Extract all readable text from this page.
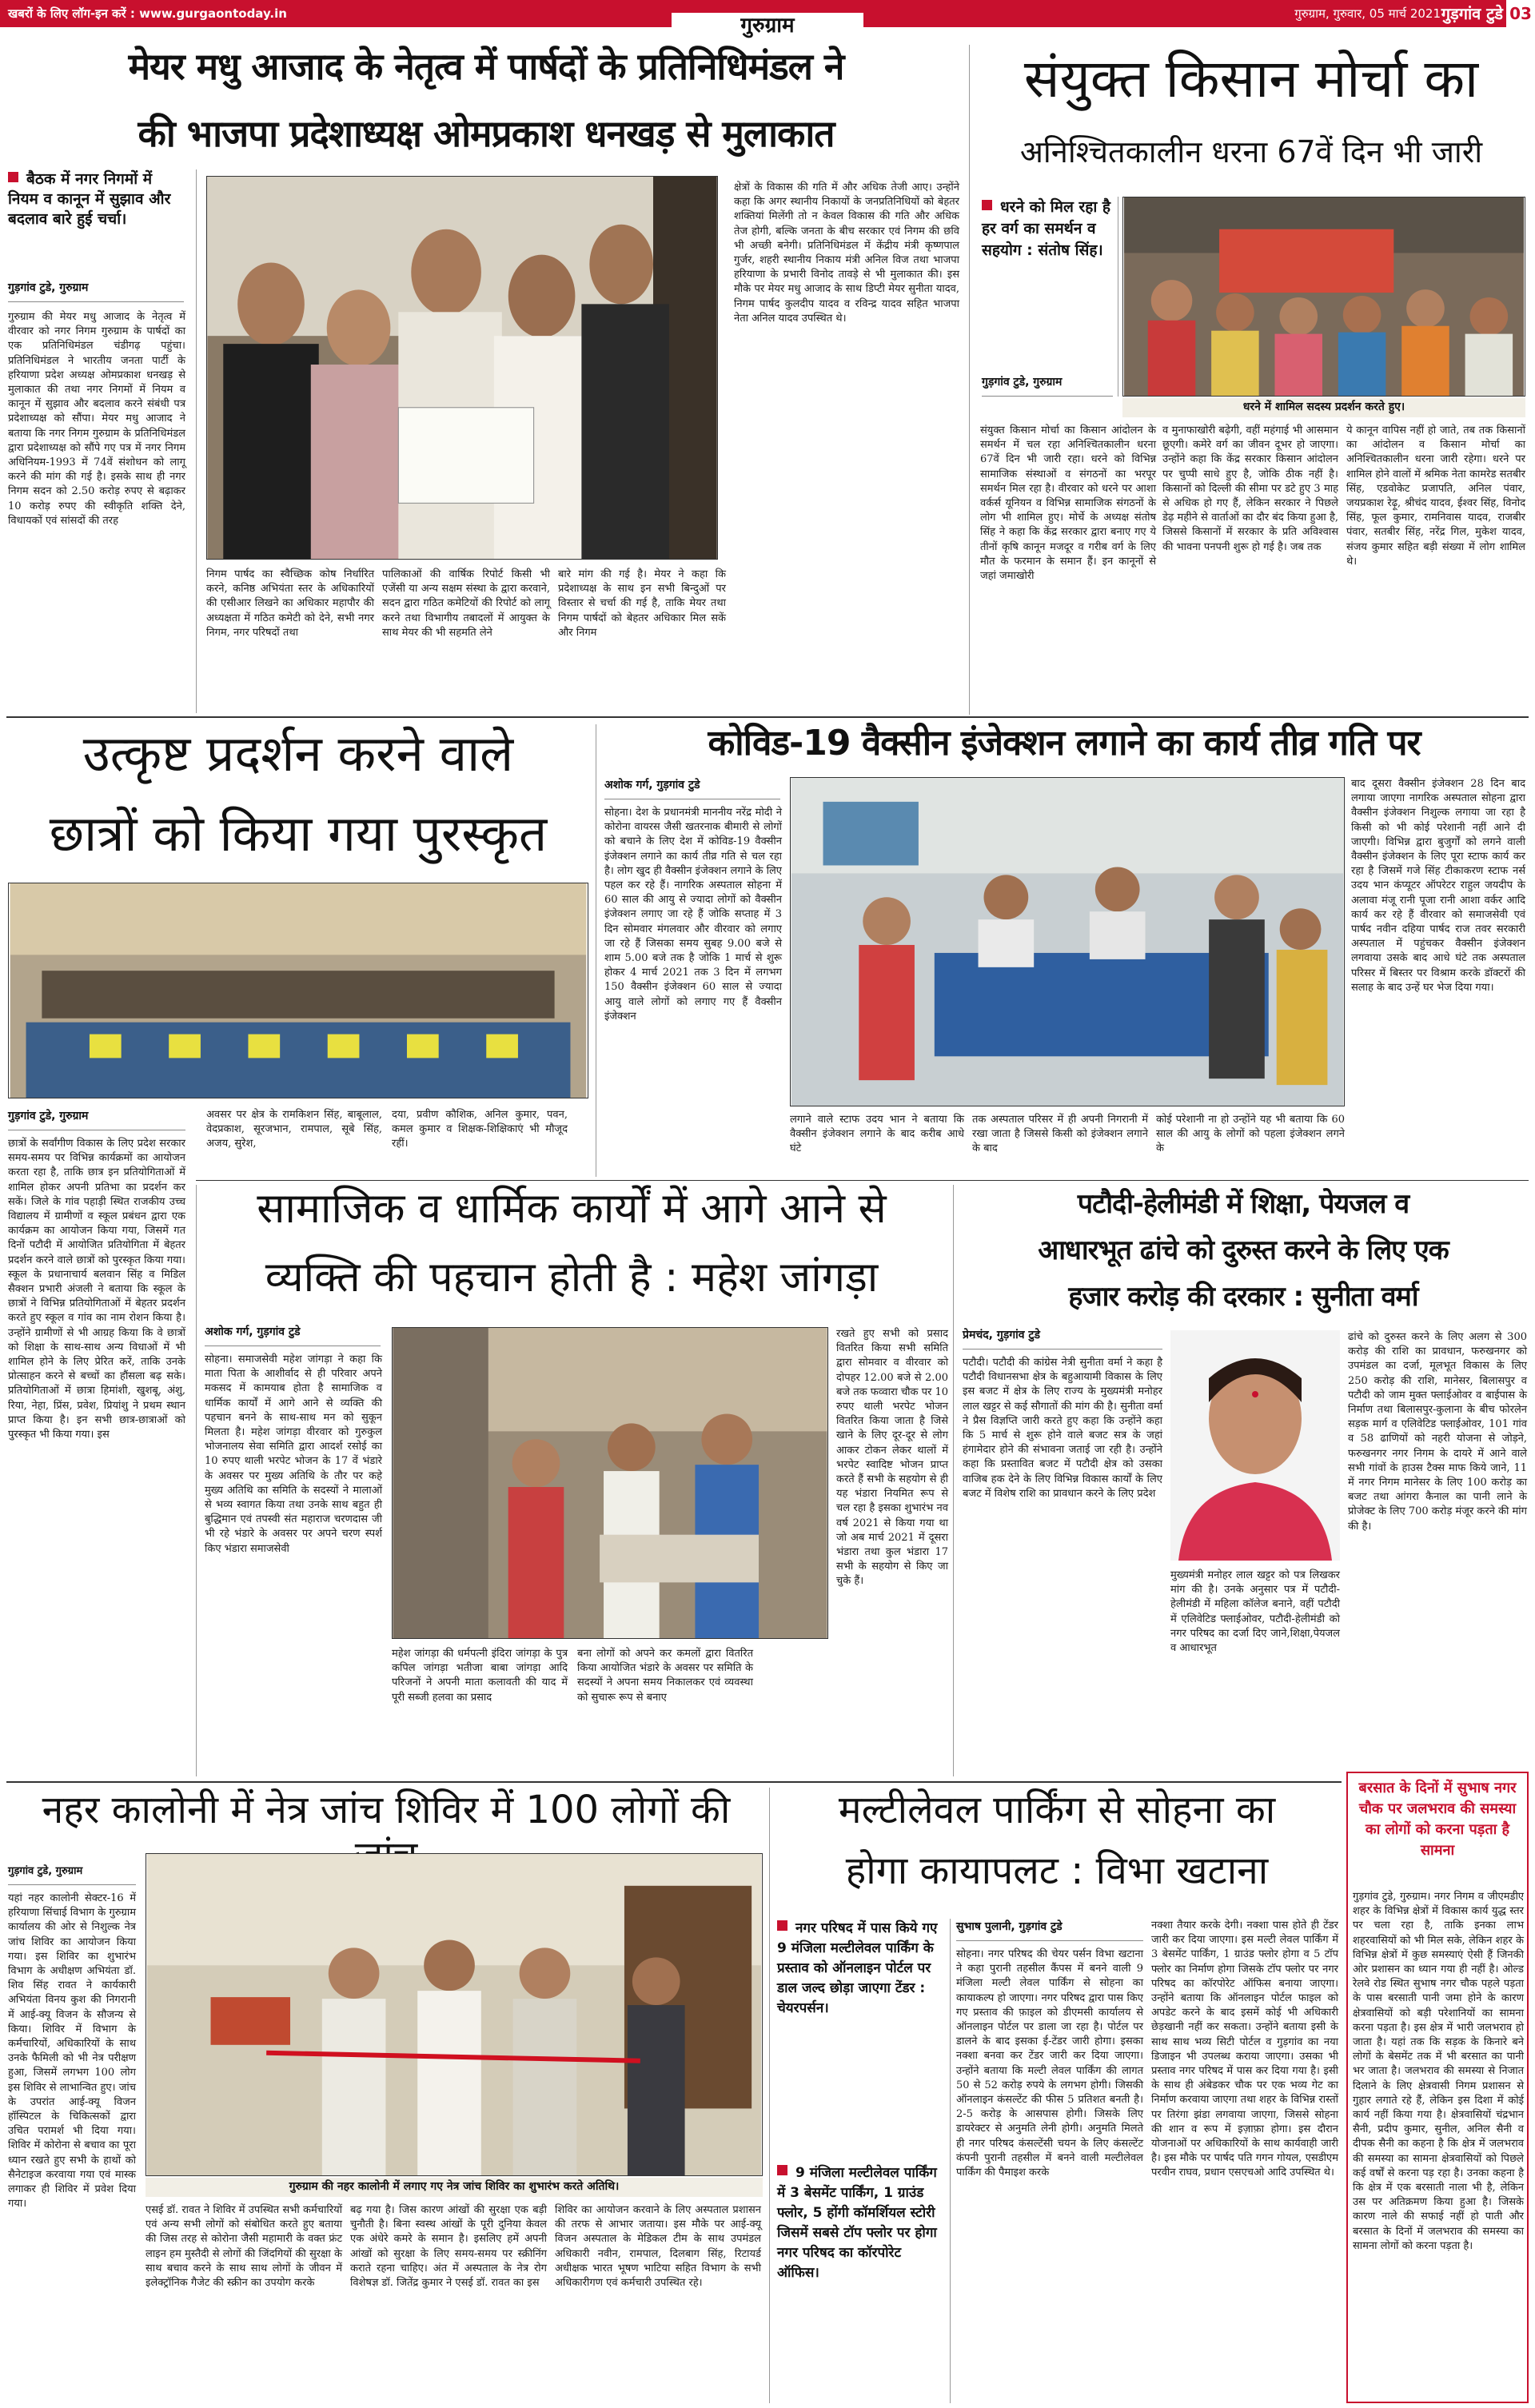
खबरों के लिए लॉग-इन करें : www.gurgaontoday.in	गुरुग्राम, गुरुवार, 05 मार्च 2021 गुड़गांव टुडे 03
गुरुग्राम
मेयर मधु आजाद के नेतृत्व में पार्षदों के प्रतिनिधिमंडल ने
की भाजपा प्रदेशाध्यक्ष ओमप्रकाश धनखड़ से मुलाकात
बैठक में नगर निगमों में नियम व कानून में सुझाव और बदलाव बारे हुई चर्चा।
गुड़गांव टुडे, गुरुग्राम
गुरुग्राम की मेयर मधु आजाद के नेतृत्व में वीरवार को नगर निगम गुरुग्राम के पार्षदों का एक प्रतिनिधिमंडल चंडीगढ़ पहुंचा। प्रतिनिधिमंडल ने भारतीय जनता पार्टी के हरियाणा प्रदेश अध्यक्ष ओमप्रकाश धनखड़ से मुलाकात की तथा नगर निगमों में नियम व कानून में सुझाव और बदलाव करने संबंधी पत्र प्रदेशाध्यक्ष को सौंपा। मेयर मधु आजाद ने बताया कि नगर निगम गुरुग्राम के प्रतिनिधिमंडल द्वारा प्रदेशाध्यक्ष को सौंपे गए पत्र में नगर निगम अधिनियम-1993 में 74वें संशोधन को लागू करने की मांग की गई है। इसके साथ ही नगर निगम सदन को 2.50 करोड़ रुपए से बढ़ाकर 10 करोड़ रुपए की स्वीकृति शक्ति देने, विधायकों एवं सांसदों की तरह
निगम पार्षद का स्वैच्छिक कोष निर्धारित करने, कनिष्ठ अभियंता स्तर के अधिकारियों की एसीआर लिखने का अधिकार महापौर की अध्यक्षता में गठित कमेटी को देने, सभी नगर निगम, नगर परिषदों तथा
पालिकाओं की वार्षिक रिपोर्ट किसी भी एजेंसी या अन्य सक्षम संस्था के द्वारा करवाने, सदन द्वारा गठित कमेटियों की रिपोर्ट को लागू करने तथा विभागीय तबादलों में आयुक्त के साथ मेयर की भी सहमति लेने
बारे मांग की गई है। मेयर ने कहा कि प्रदेशाध्यक्ष के साथ इन सभी बिन्दुओं पर विस्तार से चर्चा की गई है, ताकि मेयर तथा निगम पार्षदों को बेहतर अधिकार मिल सकें और निगम
क्षेत्रों के विकास की गति में और अधिक तेजी आए। उन्होंने कहा कि अगर स्थानीय निकायों के जनप्रतिनिधियों को बेहतर शक्तियां मिलेंगी तो न केवल विकास की गति और अधिक तेज होगी, बल्कि जनता के बीच सरकार एवं निगम की छवि भी अच्छी बनेगी। प्रतिनिधिमंडल में केंद्रीय मंत्री कृष्णपाल गुर्जर, शहरी स्थानीय निकाय मंत्री अनिल विज तथा भाजपा हरियाणा के प्रभारी विनोद तावड़े से भी मुलाकात की। इस मौके पर मेयर मधु आजाद के साथ डिप्टी मेयर सुनीता यादव, निगम पार्षद कुलदीप यादव व रविन्द्र यादव सहित भाजपा नेता अनिल यादव उपस्थित थे।
संयुक्त किसान मोर्चा का
अनिश्चितकालीन धरना 67वें दिन भी जारी
धरने को मिल रहा है हर वर्ग का समर्थन व सहयोग : संतोष सिंह।
गुड़गांव टुडे, गुरुग्राम
धरने में शामिल सदस्य प्रदर्शन करते हुए।
संयुक्त किसान मोर्चा का किसान आंदोलन के समर्थन में चल रहा अनिश्चितकालीन धरना 67वें दिन भी जारी रहा। धरने को विभिन्न सामाजिक संस्थाओं व संगठनों का भरपूर समर्थन मिल रहा है। वीरवार को धरने पर आशा वर्कर्स यूनियन व विभिन्न सामाजिक संगठनों के लोग भी शामिल हुए। मोर्चे के अध्यक्ष संतोष सिंह ने कहा कि केंद्र सरकार द्वारा बनाए गए ये तीनों कृषि कानून मजदूर व गरीब वर्ग के लिए मौत के फरमान के समान हैं। इन कानूनों से जहां जमाखोरी
व मुनाफाखोरी बढ़ेगी, वहीं महंगाई भी आसमान छूएगी। कमेरे वर्ग का जीवन दूभर हो जाएगा। उन्होंने कहा कि केंद्र सरकार किसान आंदोलन पर चुप्पी साधे हुए है, जोकि ठीक नहीं है। किसानों को दिल्ली की सीमा पर डटे हुए 3 माह से अधिक हो गए हैं, लेकिन सरकार ने पिछले डेढ़ महीने से वार्ताओं का दौर बंद किया हुआ है, जिससे किसानों में सरकार के प्रति अविश्वास की भावना पनपनी शुरू हो गई है। जब तक
ये कानून वापिस नहीं हो जाते, तब तक किसानों का आंदोलन व किसान मोर्चा का अनिश्चितकालीन धरना जारी रहेगा। धरने पर शामिल होने वालों में श्रमिक नेता कामरेड सतबीर सिंह, एडवोकेट प्रजापति, अनिल पंवार, जयप्रकाश रेढ़ू, श्रीचंद यादव, ईश्वर सिंह, विनोद सिंह, फूल कुमार, रामनिवास यादव, राजबीर पंवार, सतबीर सिंह, नरेंद्र गिल, मुकेश यादव, संजय कुमार सहित बड़ी संख्या में लोग शामिल थे।
उत्कृष्ट प्रदर्शन करने वाले
छात्रों को किया गया पुरस्कृत
गुड़गांव टुडे, गुरुग्राम
छात्रों के सर्वांगीण विकास के लिए प्रदेश सरकार समय-समय पर विभिन्न कार्यक्रमों का आयोजन करता रहा है, ताकि छात्र इन प्रतियोगिताओं में शामिल होकर अपनी प्रतिभा का प्रदर्शन कर सकें। जिले के गांव पहाड़ी स्थित राजकीय उच्च विद्यालय में ग्रामीणों व स्कूल प्रबंधन द्वारा एक कार्यक्रम का आयोजन किया गया, जिसमें गत दिनों पटौदी में आयोजित प्रतियोगिता में बेहतर प्रदर्शन करने वाले छात्रों को पुरस्कृत किया गया। स्कूल के प्रधानाचार्य बलवान सिंह व मिडिल सैक्शन प्रभारी अंजली ने बताया कि स्कूल के छात्रों ने विभिन्न प्रतियोगिताओं में बेहतर प्रदर्शन करते हुए स्कूल व गांव का नाम रोशन किया है। उन्होंने ग्रामीणों से भी आग्रह किया कि वे छात्रों को शिक्षा के साथ-साथ अन्य विधाओं में भी शामिल होने के लिए प्रेरित करें, ताकि उनके प्रोत्साहन करने से बच्चों का हौंसला बढ़ सके। प्रतियोगिताओं में छात्रा हिमांशी, खुशबू, अंशु, रिया, नेहा, प्रिंस, प्रवेश, प्रियांशु ने प्रथम स्थान प्राप्त किया है। इन सभी छात्र-छात्राओं को पुरस्कृत भी किया गया। इस
अवसर पर क्षेत्र के रामकिशन सिंह, बाबूलाल, वेदप्रकाश, सूरजभान, रामपाल, सूबे सिंह, अजय, सुरेश,
दया, प्रवीण कौशिक, अनिल कुमार, पवन, कमल कुमार व शिक्षक-शिक्षिकाएं भी मौजूद रहीं।
कोविड-19 वैक्सीन इंजेक्शन लगाने का कार्य तीव्र गति पर
अशोक गर्ग, गुड़गांव टुडे
सोहना। देश के प्रधानमंत्री माननीय नरेंद्र मोदी ने कोरोना वायरस जैसी खतरनाक बीमारी से लोगों को बचाने के लिए देश में कोविड-19 वैक्सीन इंजेक्शन लगाने का कार्य तीव्र गति से चल रहा है। लोग खुद ही वैक्सीन इंजेक्शन लगाने के लिए पहल कर रहे हैं। नागरिक अस्पताल सोहना में 60 साल की आयु से ज्यादा लोगों को वैक्सीन इंजेक्शन लगाए जा रहे हैं जोकि सप्ताह में 3 दिन सोमवार मंगलवार और वीरवार को लगाए जा रहे हैं जिसका समय सुबह 9.00 बजे से शाम 5.00 बजे तक है जोकि 1 मार्च से शुरू होकर 4 मार्च 2021 तक 3 दिन में लगभग 150 वैक्सीन इंजेक्शन 60 साल से ज्यादा आयु वाले लोगों को लगाए गए हैं वैक्सीन इंजेक्शन
लगाने वाले स्टाफ उदय भान ने बताया कि वैक्सीन इंजेक्शन लगाने के बाद करीब आधे घंटे
तक अस्पताल परिसर में ही अपनी निगरानी में रखा जाता है जिससे किसी को इंजेक्शन लगाने के बाद
कोई परेशानी ना हो उन्होंने यह भी बताया कि 60 साल की आयु के लोगों को पहला इंजेक्शन लगने के
बाद दूसरा वैक्सीन इंजेक्शन 28 दिन बाद लगाया जाएगा नागरिक अस्पताल सोहना द्वारा वैक्सीन इंजेक्शन निशुल्क लगाया जा रहा है किसी को भी कोई परेशानी नहीं आने दी जाएगी। विभिन्न द्वारा बुजुर्गों को लगने वाली वैक्सीन इंजेक्शन के लिए पूरा स्टाफ कार्य कर रहा है जिसमें गजे सिंह टीकाकरण स्टाफ नर्स उदय भान कंप्यूटर ऑपरेटर राहुल जयदीप के अलावा मंजू रानी पूजा रानी आशा वर्कर आदि कार्य कर रहे हैं वीरवार को समाजसेवी एवं पार्षद नवीन दहिया पार्षद राज तवर सरकारी अस्पताल में पहुंचकर वैक्सीन इंजेक्शन लगवाया उसके बाद आधे घंटे तक अस्पताल परिसर में बिस्तर पर विश्राम करके डॉक्टरों की सलाह के बाद उन्हें घर भेज दिया गया।
सामाजिक व धार्मिक कार्यों में आगे आने से
व्यक्ति की पहचान होती है : महेश जांगड़ा
अशोक गर्ग, गुड़गांव टुडे
सोहना। समाजसेवी महेश जांगड़ा ने कहा कि माता पिता के आशीर्वाद से ही परिवार अपने मकसद में कामयाब होता है सामाजिक व धार्मिक कार्यों में आगे आने से व्यक्ति की पहचान बनने के साथ-साथ मन को सुकून मिलता है। महेश जांगड़ा वीरवार को गुरुकुल भोजनालय सेवा समिति द्वारा आदर्श रसोई का 10 रुपए थाली भरपेट भोजन के 17 वें भंडारे के अवसर पर मुख्य अतिथि के तौर पर कहे मुख्य अतिथि का समिति के सदस्यों ने मालाओं से भव्य स्वागत किया तथा उनके साथ बहुत ही बुद्धिमान एवं तपस्वी संत महाराज चरणदास जी भी रहे भंडारे के अवसर पर अपने चरण स्पर्श किए भंडारा समाजसेवी
महेश जांगड़ा की धर्मपत्नी इंदिरा जांगड़ा के पुत्र कपिल जांगड़ा भतीजा बाबा जांगड़ा आदि परिजनों ने अपनी माता कलावती की याद में पूरी सब्जी हलवा का प्रसाद
बना लोगों को अपने कर कमलों द्वारा वितरित किया आयोजित भंडारे के अवसर पर समिति के सदस्यों ने अपना समय निकालकर एवं व्यवस्था को सुचारू रूप से बनाए
रखते हुए सभी को प्रसाद वितरित किया सभी समिति द्वारा सोमवार व वीरवार को दोपहर 12.00 बजे से 2.00 बजे तक फव्वारा चौक पर 10 रुपए थाली भरपेट भोजन वितरित किया जाता है जिसे खाने के लिए दूर-दूर से लोग आकर टोकन लेकर थालों में भरपेट स्वादिष्ट भोजन प्राप्त करते हैं सभी के सहयोग से ही यह भंडारा नियमित रूप से चल रहा है इसका शुभारंभ नव वर्ष 2021 से किया गया था जो अब मार्च 2021 में दूसरा भंडारा तथा कुल भंडारा 17 सभी के सहयोग से किए जा चुके हैं।
पटौदी-हेलीमंडी में शिक्षा, पेयजल व
आधारभूत ढांचे को दुरुस्त करने के लिए एक
हजार करोड़ की दरकार : सुनीता वर्मा
प्रेमचंद, गुड़गांव टुडे
पटौदी। पटौदी की कांग्रेस नेत्री सुनीता वर्मा ने कहा है पटौदी विधानसभा क्षेत्र के बहुआयामी विकास के लिए इस बजट में क्षेत्र के लिए राज्य के मुख्यमंत्री मनोहर लाल खट्टर से कई सौगातों की मांग की है। सुनीता वर्मा ने प्रैस विज्ञप्ति जारी करते हुए कहा कि उन्होंने कहा कि 5 मार्च से शुरू होने वाले बजट सत्र के जहां हंगामेदार होने की संभावना जताई जा रही है। उन्होंने कहा कि प्रस्तावित बजट में पटौदी क्षेत्र को उसका वाजिब हक देने के लिए विभिन्न विकास कार्यों के लिए बजट में विशेष राशि का प्रावधान करने के लिए प्रदेश
मुख्यमंत्री मनोहर लाल खट्टर को पत्र लिखकर मांग की है। उनके अनुसार पत्र में पटौदी-हेलीमंडी में महिला कॉलेज बनाने, वहीं पटौदी में एलिवेटिड फ्लाईओवर, पटौदी-हेलीमंडी को नगर परिषद का दर्जा दिए जाने,शिक्षा,पेयजल व आधारभूत
ढांचे को दुरुस्त करने के लिए अलग से 300 करोड़ की राशि का प्रावधान, फरुखनगर को उपमंडल का दर्जा, मूलभूत विकास के लिए 250 करोड़ की राशि, मानेसर, बिलासपुर व पटौदी को जाम मुक्त फ्लाईओवर व बाईपास के निर्माण तथा बिलासपुर-कुलाना के बीच फोरलेन सड़क मार्ग व एलिवेटिड फ्लाईओवर, 101 गांव व 58 ढाणियों को नहरी योजना से जोड़ने, फरुखनगर नगर निगम के दायरे में आने वाले सभी गांवों के हाउस टैक्स माफ किये जाने, 11 में नगर निगम मानेसर के लिए 100 करोड़ का बजट तथा आंगरा कैनाल का पानी लाने के प्रोजेक्ट के लिए 700 करोड़ मंजूर करने की मांग की है।
बरसात के दिनों में सुभाष नगर चौक पर जलभराव की समस्या का लोगों को करना पड़ता है सामना
गुड़गांव टुडे, गुरुग्राम। नगर निगम व जीएमडीए शहर के विभिन्न क्षेत्रों में विकास कार्य युद्ध स्तर पर चला रहा है, ताकि इनका लाभ शहरवासियों को भी मिल सके, लेकिन शहर के विभिन्न क्षेत्रों में कुछ समस्याएं ऐसी हैं जिनकी ओर प्रशासन का ध्यान गया ही नहीं है। ओल्ड रेलवे रोड स्थित सुभाष नगर चौक पहले पड़ता के पास बरसाती पानी जमा होने के कारण क्षेत्रवासियों को बड़ी परेशानियों का सामना करना पड़ता है। इस क्षेत्र में भारी जलभराव हो जाता है। यहां तक कि सड़क के किनारे बने लोगों के बेसमेंट तक में भी बरसात का पानी भर जाता है। जलभराव की समस्या से निजात दिलाने के लिए क्षेत्रवासी निगम प्रशासन से गुहार लगाते रहे हैं, लेकिन इस दिशा में कोई कार्य नहीं किया गया है। क्षेत्रवासियों चंद्रभान सैनी, प्रदीप कुमार, सुनील, अनिल सैनी व दीपक सैनी का कहना है कि क्षेत्र में जलभराव की समस्या का सामना क्षेत्रवासियों को पिछले कई वर्षों से करना पड़ रहा है। उनका कहना है कि क्षेत्र में एक बरसाती नाला भी है, लेकिन उस पर अतिक्रमण किया हुआ है। जिसके कारण नाले की सफाई नहीं हो पाती और बरसात के दिनों में जलभराव की समस्या का सामना लोगों को करना पड़ता है।
नहर कालोनी में नेत्र जांच शिविर में 100 लोगों की
गुड़गांव टुडे, गुरुग्राम
यहां नहर कालोनी सेक्टर-16 में हरियाणा सिंचाई विभाग के गुरुग्राम कार्यालय की ओर से निशुल्क नेत्र जांच शिविर का आयोजन किया गया। इस शिविर का शुभारंभ विभाग के अधीक्षण अभियंता डॉ. शिव सिंह रावत ने कार्यकारी अभियंता विनय कुश की निगरानी में आई-क्यू विजन के सौजन्य से किया। शिविर में विभाग के कर्मचारियों, अधिकारियों के साथ उनके फैमिली को भी नेत्र परीक्षण हुआ, जिसमें लगभग 100 लोग इस शिविर से लाभान्वित हुए। जांच के उपरांत आई-क्यू विजन हॉस्पिटल के चिकित्सकों द्वारा उचित परामर्श भी दिया गया। शिविर में कोरोना से बचाव का पूरा ध्यान रखते हुए सभी के हाथों को सैनेटाइज करवाया गया एवं मास्क लगाकर ही शिविर में प्रवेश दिया गया।
गुरुग्राम की नहर कालोनी में लगाए गए नेत्र जांच शिविर का शुभारंभ करते अतिथि।
एसई डॉ. रावत ने शिविर में उपस्थित सभी कर्मचारियों एवं अन्य सभी लोगों को संबोधित करते हुए बताया की जिस तरह से कोरोना जैसी महामारी के वक्त फ्रंट लाइन हम मुस्तैदी से लोगों की जिंदगियों की सुरक्षा के साथ बचाव करने के साथ साथ लोगों के जीवन में इलेक्ट्रॉनिक गैजेट की स्क्रीन का उपयोग करके
बढ़ गया है। जिस कारण आंखों की सुरक्षा एक बड़ी चुनौती है। बिना स्वस्थ आंखों के पूरी दुनिया केवल एक अंधेरे कमरे के समान है। इसलिए हमें अपनी आंखों को सुरक्षा के लिए समय-समय पर स्क्रीनिंग कराते रहना चाहिए। अंत में अस्पताल के नेत्र रोग विशेषज्ञ डॉ. जितेंद्र कुमार ने एसई डॉ. रावत का इस
शिविर का आयोजन करवाने के लिए अस्पताल प्रशासन की तरफ से आभार जताया। इस मौके पर आई-क्यू विजन अस्पताल के मेडिकल टीम के साथ उपमंडल अधिकारी नवीन, रामपाल, दिलबाग सिंह, रिटायर्ड अधीक्षक भारत भूषण भाटिया सहित विभाग के सभी अधिकारीगण एवं कर्मचारी उपस्थित रहे।
मल्टीलेवल पार्किंग से सोहना का
होगा कायापलट : विभा खटाना
नगर परिषद में पास किये गए 9 मंजिला मल्टीलेवल पार्किंग के प्रस्ताव को ऑनलाइन पोर्टल पर डाल जल्द छोड़ा जाएगा टेंडर : चेयरपर्सन।
9 मंजिला मल्टीलेवल पार्किंग में 3 बेसमेंट पार्किंग, 1 ग्राउंड फ्लोर, 5 होंगी कॉमर्शियल स्टोरी जिसमें सबसे टॉप फ्लोर पर होगा नगर परिषद का कॉरपोरेट ऑफिस।
सुभाष पुलानी, गुड़गांव टुडे
सोहना। नगर परिषद की चेयर पर्सन विभा खटाना ने कहा पुरानी तहसील कैंपस में बनने वाली 9 मंजिला मल्टी लेवल पार्किंग से सोहना का कायाकल्प हो जाएगा। नगर परिषद द्वारा पास किए गए प्रस्ताव की फ़ाइल को डीएमसी कार्यालय से ऑनलाइन पोर्टल पर डाला जा रहा है। पोर्टल पर डालने के बाद इसका ई-टेंडर जारी होगा। इसका नक्शा बनवा कर टेंडर जारी कर दिया जाएगा। उन्होंने बताया कि मल्टी लेवल पार्किंग की लागत 50 से 52 करोड़ रुपये के लगभग होगी। जिसकी ऑनलाइन कंसल्टेंट की फीस 5 प्रतिशत बनती है। 2-5 करोड़ के आसपास होगी। जिसके लिए डायरेक्टर से अनुमति लेनी होगी। अनुमति मिलते ही नगर परिषद कंसल्टेंसी चयन के लिए कंसल्टेंट कंपनी पुरानी तहसील में बनने वाली मल्टीलेवल पार्किंग की पैमाइश करके
नक्शा तैयार करके देगी। नक्शा पास होते ही टेंडर जारी कर दिया जाएगा। इस मल्टी लेवल पार्किंग में 3 बेसमेंट पार्किंग, 1 ग्राउंड फ्लोर होगा व 5 टॉप फ्लोर का निर्माण होगा जिसके टॉप फ्लोर पर नगर परिषद का कॉरपोरेट ऑफिस बनाया जाएगा। उन्होंने बताया कि ऑनलाइन पोर्टल फाइल को अपडेट करने के बाद इसमें कोई भी अधिकारी छेड़खानी नहीं कर सकता। उन्होंने बताया इसी के साथ साथ भव्य सिटी पोर्टल व गुड़गांव का नया डिजाइन भी उपलब्ध कराया जाएगा। उसका भी प्रस्ताव नगर परिषद में पास कर दिया गया है। इसी के साथ ही अंबेडकर चौक पर एक भव्य गेट का निर्माण करवाया जाएगा तथा शहर के विभिन्न रास्तों पर तिरंगा झंडा लगवाया जाएगा, जिससे सोहना की शान व रूप में इज़ाफ़ा होगा। इस दौरान योजनाओं पर अधिकारियों के साथ कार्यवाही जारी है। इस मौके पर पार्षद पति गगन गोयल, एसडीएम परवीन राघव, प्रधान एसएचओ आदि उपस्थित थे।
